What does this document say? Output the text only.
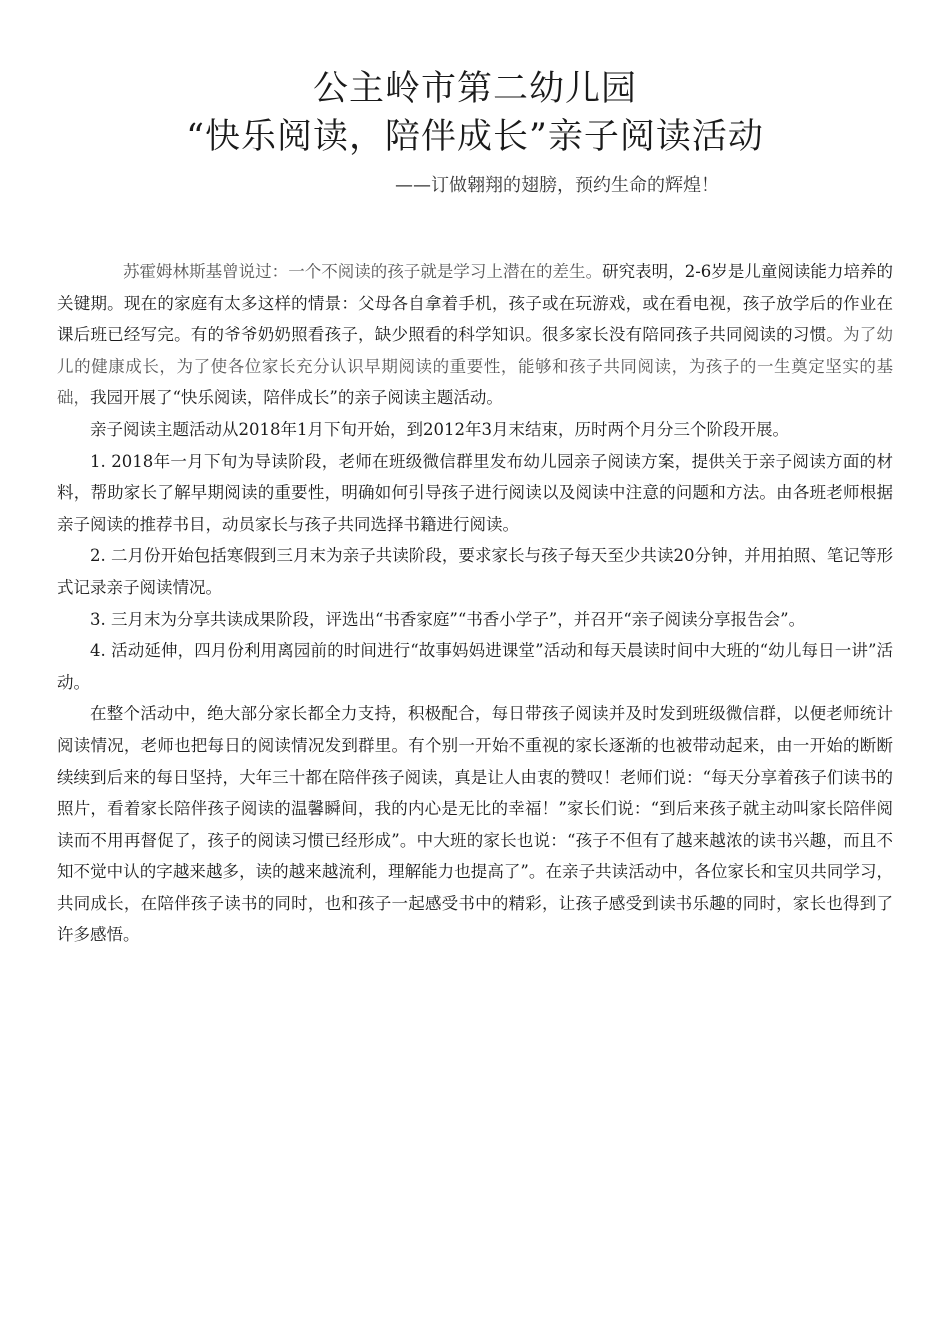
公主岭市第二幼儿园
“快乐阅读，陪伴成长”亲子阅读活动
——订做翱翔的翅膀，预约生命的辉煌！

苏霍姆林斯基曾说过：一个不阅读的孩子就是学习上潜在的差生。研究表明，2-6岁是儿童阅读能力培养的关键期。现在的家庭有太多这样的情景：父母各自拿着手机，孩子或在玩游戏，或在看电视，孩子放学后的作业在课后班已经写完。有的爷爷奶奶照看孩子，缺少照看的科学知识。很多家长没有陪同孩子共同阅读的习惯。为了幼儿的健康成长，为了使各位家长充分认识早期阅读的重要性，能够和孩子共同阅读，为孩子的一生奠定坚实的基础，我园开展了“快乐阅读，陪伴成长”的亲子阅读主题活动。

亲子阅读主题活动从2018年1月下旬开始，到2012年3月末结束，历时两个月分三个阶段开展。

1. 2018年一月下旬为导读阶段，老师在班级微信群里发布幼儿园亲子阅读方案，提供关于亲子阅读方面的材料，帮助家长了解早期阅读的重要性，明确如何引导孩子进行阅读以及阅读中注意的问题和方法。由各班老师根据亲子阅读的推荐书目，动员家长与孩子共同选择书籍进行阅读。

2. 二月份开始包括寒假到三月末为亲子共读阶段，要求家长与孩子每天至少共读20分钟，并用拍照、笔记等形式记录亲子阅读情况。

3. 三月末为分享共读成果阶段，评选出“书香家庭”“书香小学子”，并召开“亲子阅读分享报告会”。

4. 活动延伸，四月份利用离园前的时间进行“故事妈妈进课堂”活动和每天晨读时间中大班的“幼儿每日一讲”活动。

在整个活动中，绝大部分家长都全力支持，积极配合，每日带孩子阅读并及时发到班级微信群，以便老师统计阅读情况，老师也把每日的阅读情况发到群里。有个别一开始不重视的家长逐渐的也被带动起来，由一开始的断断续续到后来的每日坚持，大年三十都在陪伴孩子阅读，真是让人由衷的赞叹！老师们说：“每天分享着孩子们读书的照片，看着家长陪伴孩子阅读的温馨瞬间，我的内心是无比的幸福！”家长们说：“到后来孩子就主动叫家长陪伴阅读而不用再督促了，孩子的阅读习惯已经形成”。中大班的家长也说：“孩子不但有了越来越浓的读书兴趣，而且不知不觉中认的字越来越多，读的越来越流利，理解能力也提高了”。在亲子共读活动中，各位家长和宝贝共同学习，共同成长，在陪伴孩子读书的同时，也和孩子一起感受书中的精彩，让孩子感受到读书乐趣的同时，家长也得到了许多感悟。
